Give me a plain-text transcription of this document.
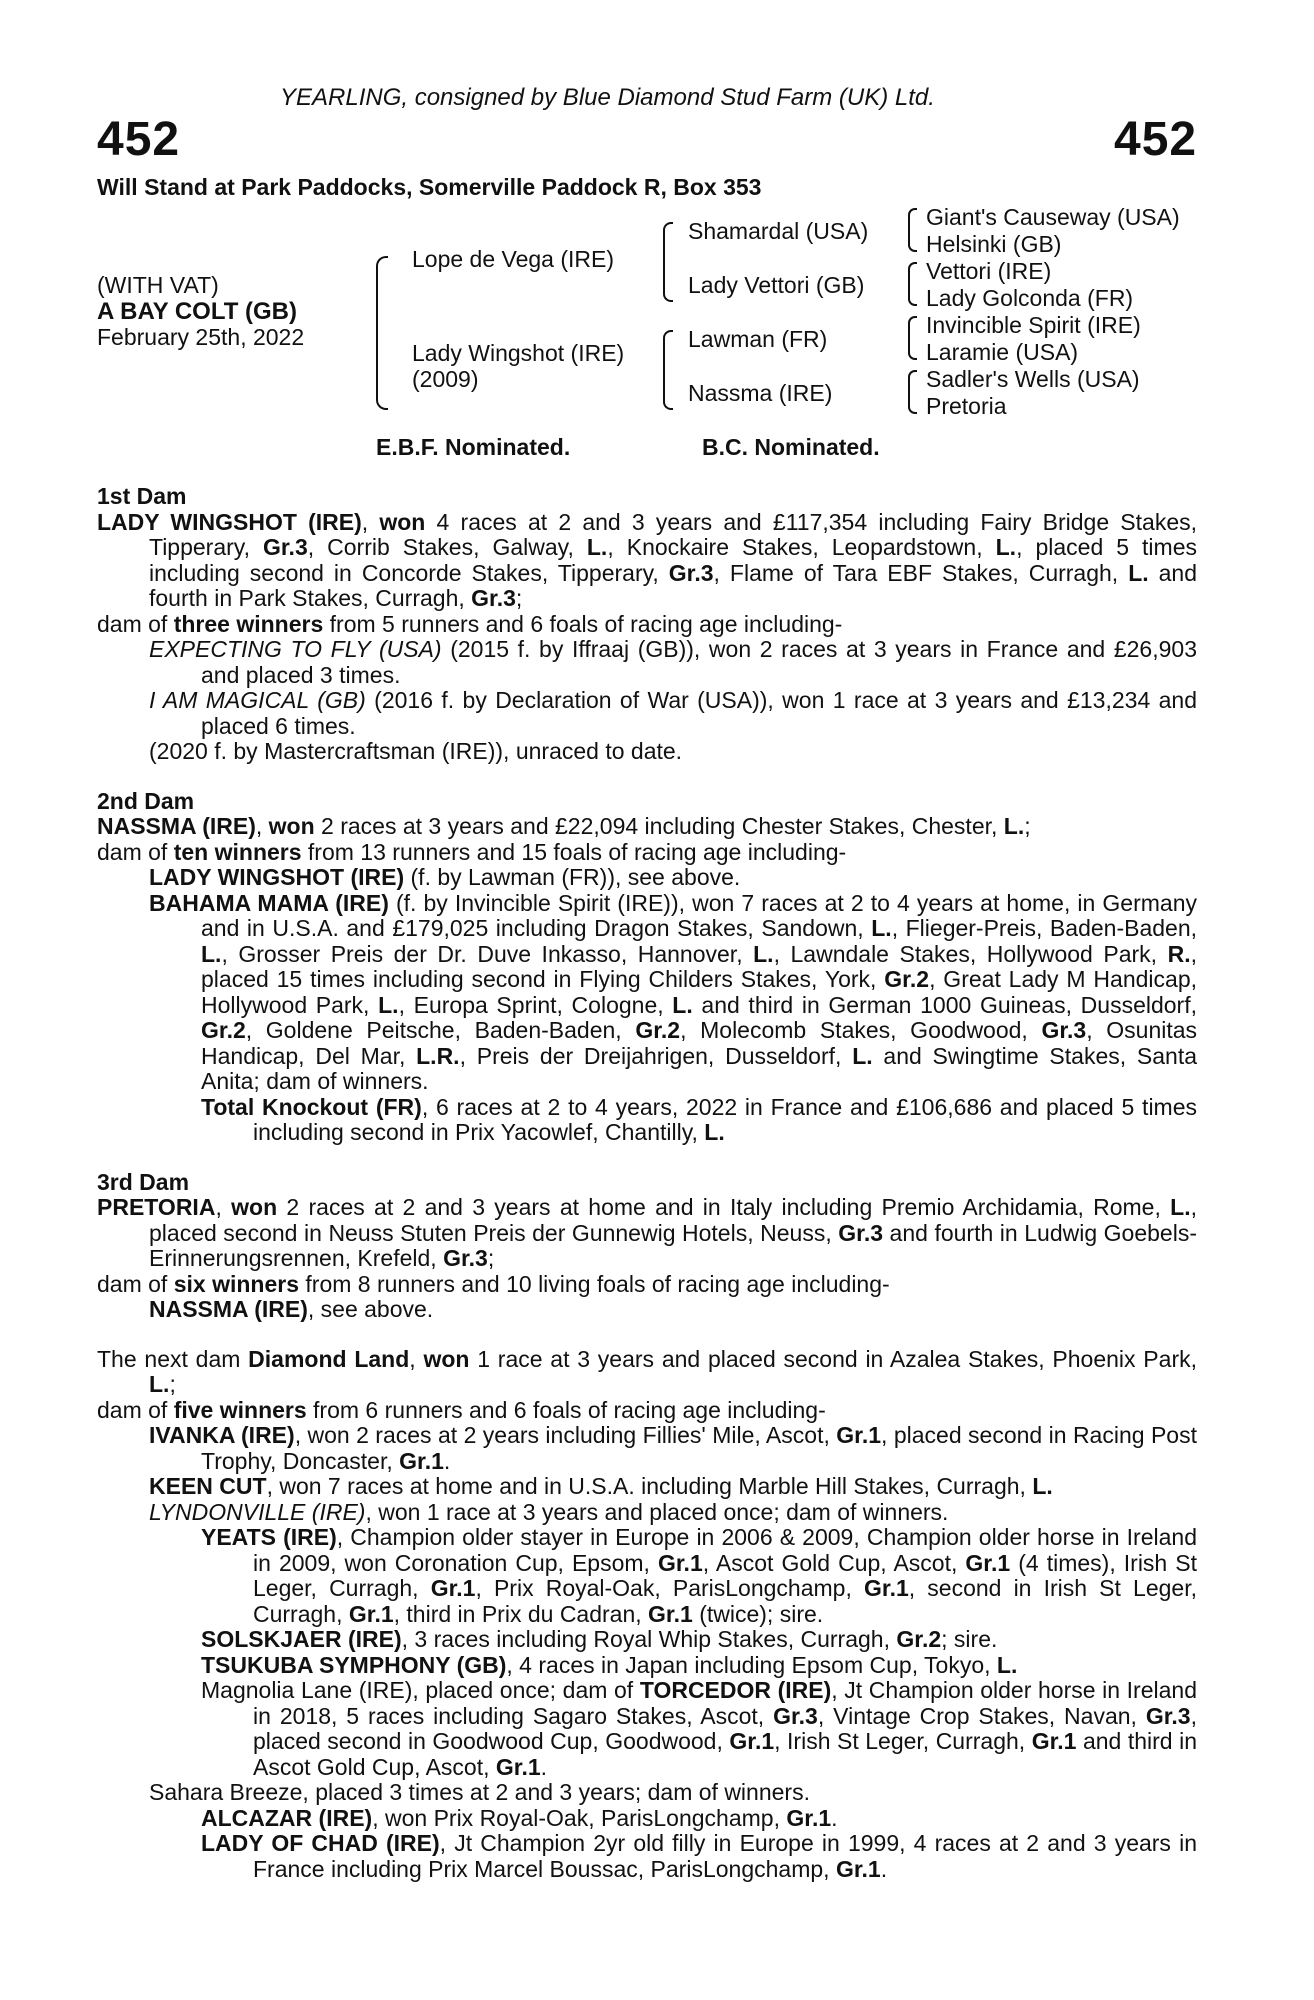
YEARLING, consigned by Blue Diamond Stud Farm (UK) Ltd.
452	452
Will Stand at Park Paddocks, Somerville Paddock R, Box 353
(WITH VAT)
A BAY COLT (GB)
February 25th, 2022
Lope de Vega (IRE)
Lady Wingshot (IRE)
(2009)
Shamardal (USA)
Lady Vettori (GB)
Lawman (FR)
Nassma (IRE)
Giant's Causeway (USA)
Helsinki (GB)
Vettori (IRE)
Lady Golconda (FR)
Invincible Spirit (IRE)
Laramie (USA)
Sadler's Wells (USA)
Pretoria
E.B.F. Nominated.	B.C. Nominated.

1st Dam

LADY WINGSHOT (IRE), won 4 races at 2 and 3 years and £117,354 including Fairy Bridge Stakes, Tipperary, Gr.3, Corrib Stakes, Galway, L., Knockaire Stakes, Leopardstown, L., placed 5 times including second in Concorde Stakes, Tipperary, Gr.3, Flame of Tara EBF Stakes, Curragh, L. and fourth in Park Stakes, Curragh, Gr.3;

dam of three winners from 5 runners and 6 foals of racing age including-

EXPECTING TO FLY (USA) (2015 f. by Iffraaj (GB)), won 2 races at 3 years in France and £26,903 and placed 3 times.

I AM MAGICAL (GB) (2016 f. by Declaration of War (USA)), won 1 race at 3 years and £13,234 and placed 6 times.

(2020 f. by Mastercraftsman (IRE)), unraced to date.

2nd Dam

NASSMA (IRE), won 2 races at 3 years and £22,094 including Chester Stakes, Chester, L.;

dam of ten winners from 13 runners and 15 foals of racing age including-

LADY WINGSHOT (IRE) (f. by Lawman (FR)), see above.

BAHAMA MAMA (IRE) (f. by Invincible Spirit (IRE)), won 7 races at 2 to 4 years at home, in Germany and in U.S.A. and £179,025 including Dragon Stakes, Sandown, L., Flieger-Preis, Baden-Baden, L., Grosser Preis der Dr. Duve Inkasso, Hannover, L., Lawndale Stakes, Hollywood Park, R., placed 15 times including second in Flying Childers Stakes, York, Gr.2, Great Lady M Handicap, Hollywood Park, L., Europa Sprint, Cologne, L. and third in German 1000 Guineas, Dusseldorf, Gr.2, Goldene Peitsche, Baden-Baden, Gr.2, Molecomb Stakes, Goodwood, Gr.3, Osunitas Handicap, Del Mar, L.R., Preis der Dreijahrigen, Dusseldorf, L. and Swingtime Stakes, Santa Anita; dam of winners.

Total Knockout (FR), 6 races at 2 to 4 years, 2022 in France and £106,686 and placed 5 times including second in Prix Yacowlef, Chantilly, L.

3rd Dam

PRETORIA, won 2 races at 2 and 3 years at home and in Italy including Premio Archidamia, Rome, L., placed second in Neuss Stuten Preis der Gunnewig Hotels, Neuss, Gr.3 and fourth in Ludwig Goebels-Erinnerungsrennen, Krefeld, Gr.3;

dam of six winners from 8 runners and 10 living foals of racing age including-

NASSMA (IRE), see above.

The next dam Diamond Land, won 1 race at 3 years and placed second in Azalea Stakes, Phoenix Park, L.;

dam of five winners from 6 runners and 6 foals of racing age including-

IVANKA (IRE), won 2 races at 2 years including Fillies' Mile, Ascot, Gr.1, placed second in Racing Post Trophy, Doncaster, Gr.1.

KEEN CUT, won 7 races at home and in U.S.A. including Marble Hill Stakes, Curragh, L.

LYNDONVILLE (IRE), won 1 race at 3 years and placed once; dam of winners.

YEATS (IRE), Champion older stayer in Europe in 2006 & 2009, Champion older horse in Ireland in 2009, won Coronation Cup, Epsom, Gr.1, Ascot Gold Cup, Ascot, Gr.1 (4 times), Irish St Leger, Curragh, Gr.1, Prix Royal-Oak, ParisLongchamp, Gr.1, second in Irish St Leger, Curragh, Gr.1, third in Prix du Cadran, Gr.1 (twice); sire.

SOLSKJAER (IRE), 3 races including Royal Whip Stakes, Curragh, Gr.2; sire.

TSUKUBA SYMPHONY (GB), 4 races in Japan including Epsom Cup, Tokyo, L.

Magnolia Lane (IRE), placed once; dam of TORCEDOR (IRE), Jt Champion older horse in Ireland in 2018, 5 races including Sagaro Stakes, Ascot, Gr.3, Vintage Crop Stakes, Navan, Gr.3, placed second in Goodwood Cup, Goodwood, Gr.1, Irish St Leger, Curragh, Gr.1 and third in Ascot Gold Cup, Ascot, Gr.1.

Sahara Breeze, placed 3 times at 2 and 3 years; dam of winners.

ALCAZAR (IRE), won Prix Royal-Oak, ParisLongchamp, Gr.1.

LADY OF CHAD (IRE), Jt Champion 2yr old filly in Europe in 1999, 4 races at 2 and 3 years in France including Prix Marcel Boussac, ParisLongchamp, Gr.1.
